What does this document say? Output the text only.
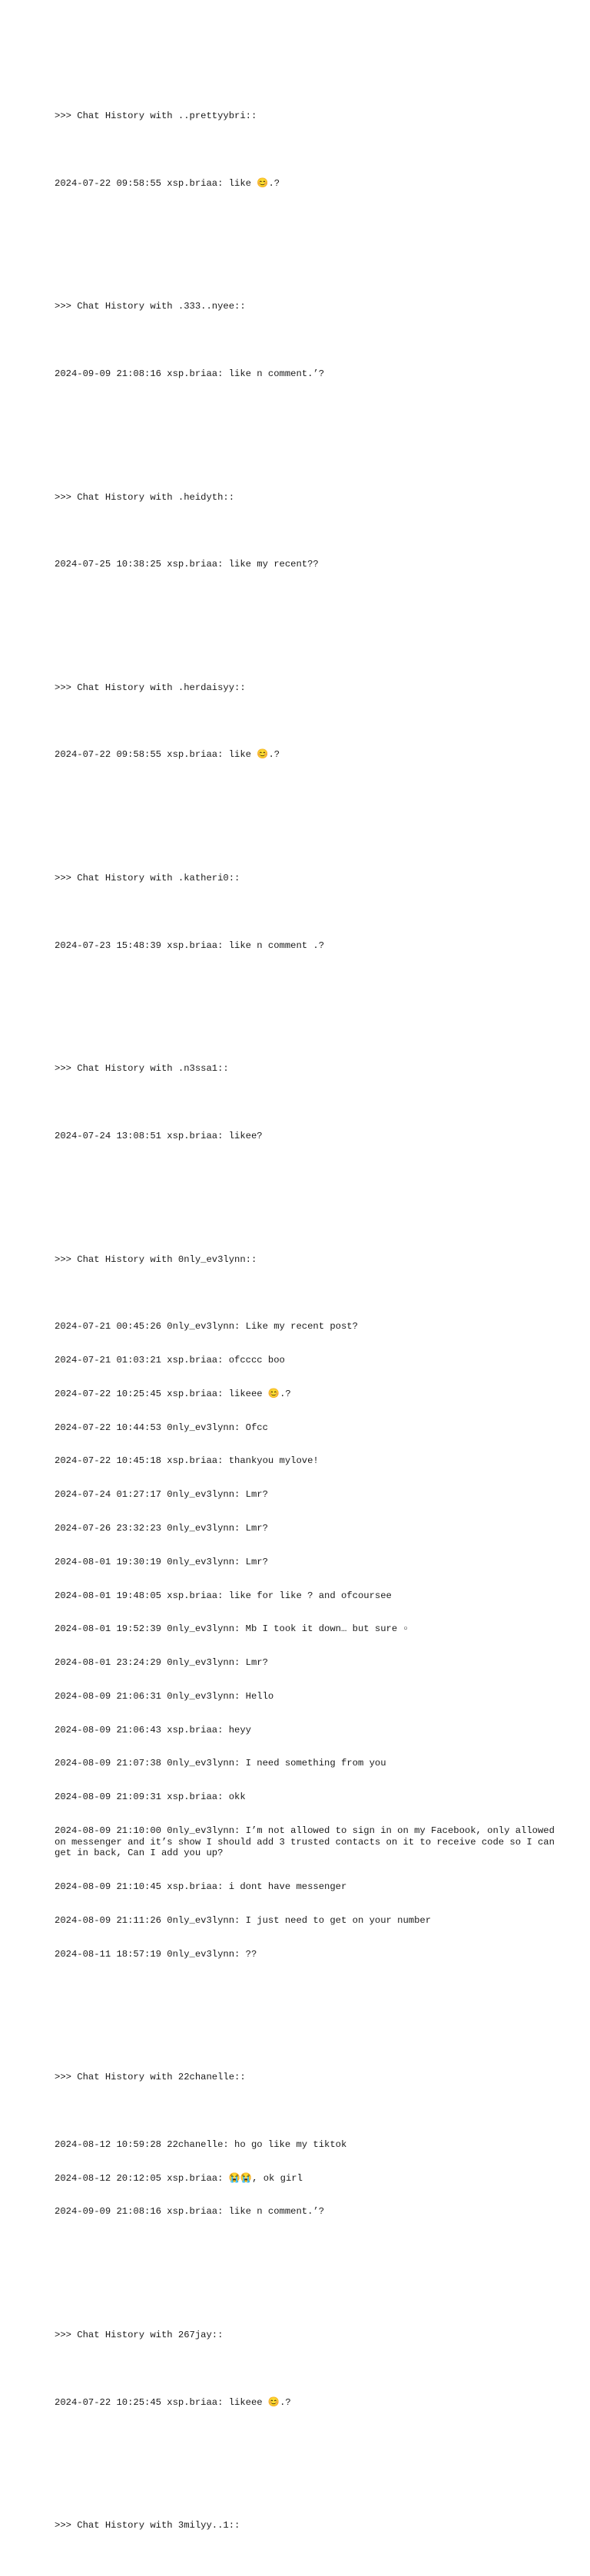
>>> Chat History with ..prettyybri::

2024-07-22 09:58:55 xsp.briaa: like 😊.?

>>> Chat History with .333..nyee::

2024-09-09 21:08:16 xsp.briaa: like n comment.’?

>>> Chat History with .heidyth::

2024-07-25 10:38:25 xsp.briaa: like my recent??

>>> Chat History with .herdaisyy::

2024-07-22 09:58:55 xsp.briaa: like 😊.?

>>> Chat History with .katheri0::

2024-07-23 15:48:39 xsp.briaa: like n comment .?

>>> Chat History with .n3ssa1::

2024-07-24 13:08:51 xsp.briaa: likee?

>>> Chat History with 0nly_ev3lynn::

2024-07-21 00:45:26 0nly_ev3lynn: Like my recent post?

2024-07-21 01:03:21 xsp.briaa: ofcccc boo

2024-07-22 10:25:45 xsp.briaa: likeee 😊.?

2024-07-22 10:44:53 0nly_ev3lynn: Ofcc

2024-07-22 10:45:18 xsp.briaa: thankyou mylove!

2024-07-24 01:27:17 0nly_ev3lynn: Lmr?

2024-07-26 23:32:23 0nly_ev3lynn: Lmr?

2024-08-01 19:30:19 0nly_ev3lynn: Lmr?

2024-08-01 19:48:05 xsp.briaa: like for like ? and ofcoursee

2024-08-01 19:52:39 0nly_ev3lynn: Mb I took it down… but sure ▫

2024-08-01 23:24:29 0nly_ev3lynn: Lmr?

2024-08-09 21:06:31 0nly_ev3lynn: Hello

2024-08-09 21:06:43 xsp.briaa: heyy

2024-08-09 21:07:38 0nly_ev3lynn: I need something from you

2024-08-09 21:09:31 xsp.briaa: okk

2024-08-09 21:10:00 0nly_ev3lynn: I’m not allowed to sign in on my Facebook, only allowed on messenger and it’s show I should add 3 trusted contacts on it to receive code so I can get in back, Can I add you up?

2024-08-09 21:10:45 xsp.briaa: i dont have messenger

2024-08-09 21:11:26 0nly_ev3lynn: I just need to get on your number

2024-08-11 18:57:19 0nly_ev3lynn: ??

>>> Chat History with 22chanelle::

2024-08-12 10:59:28 22chanelle: ho go like my tiktok

2024-08-12 20:12:05 xsp.briaa: 😭😭, ok girl

2024-09-09 21:08:16 xsp.briaa: like n comment.’?

>>> Chat History with 267jay::

2024-07-22 10:25:45 xsp.briaa: likeee 😊.?

>>> Chat History with 3milyy..1::
